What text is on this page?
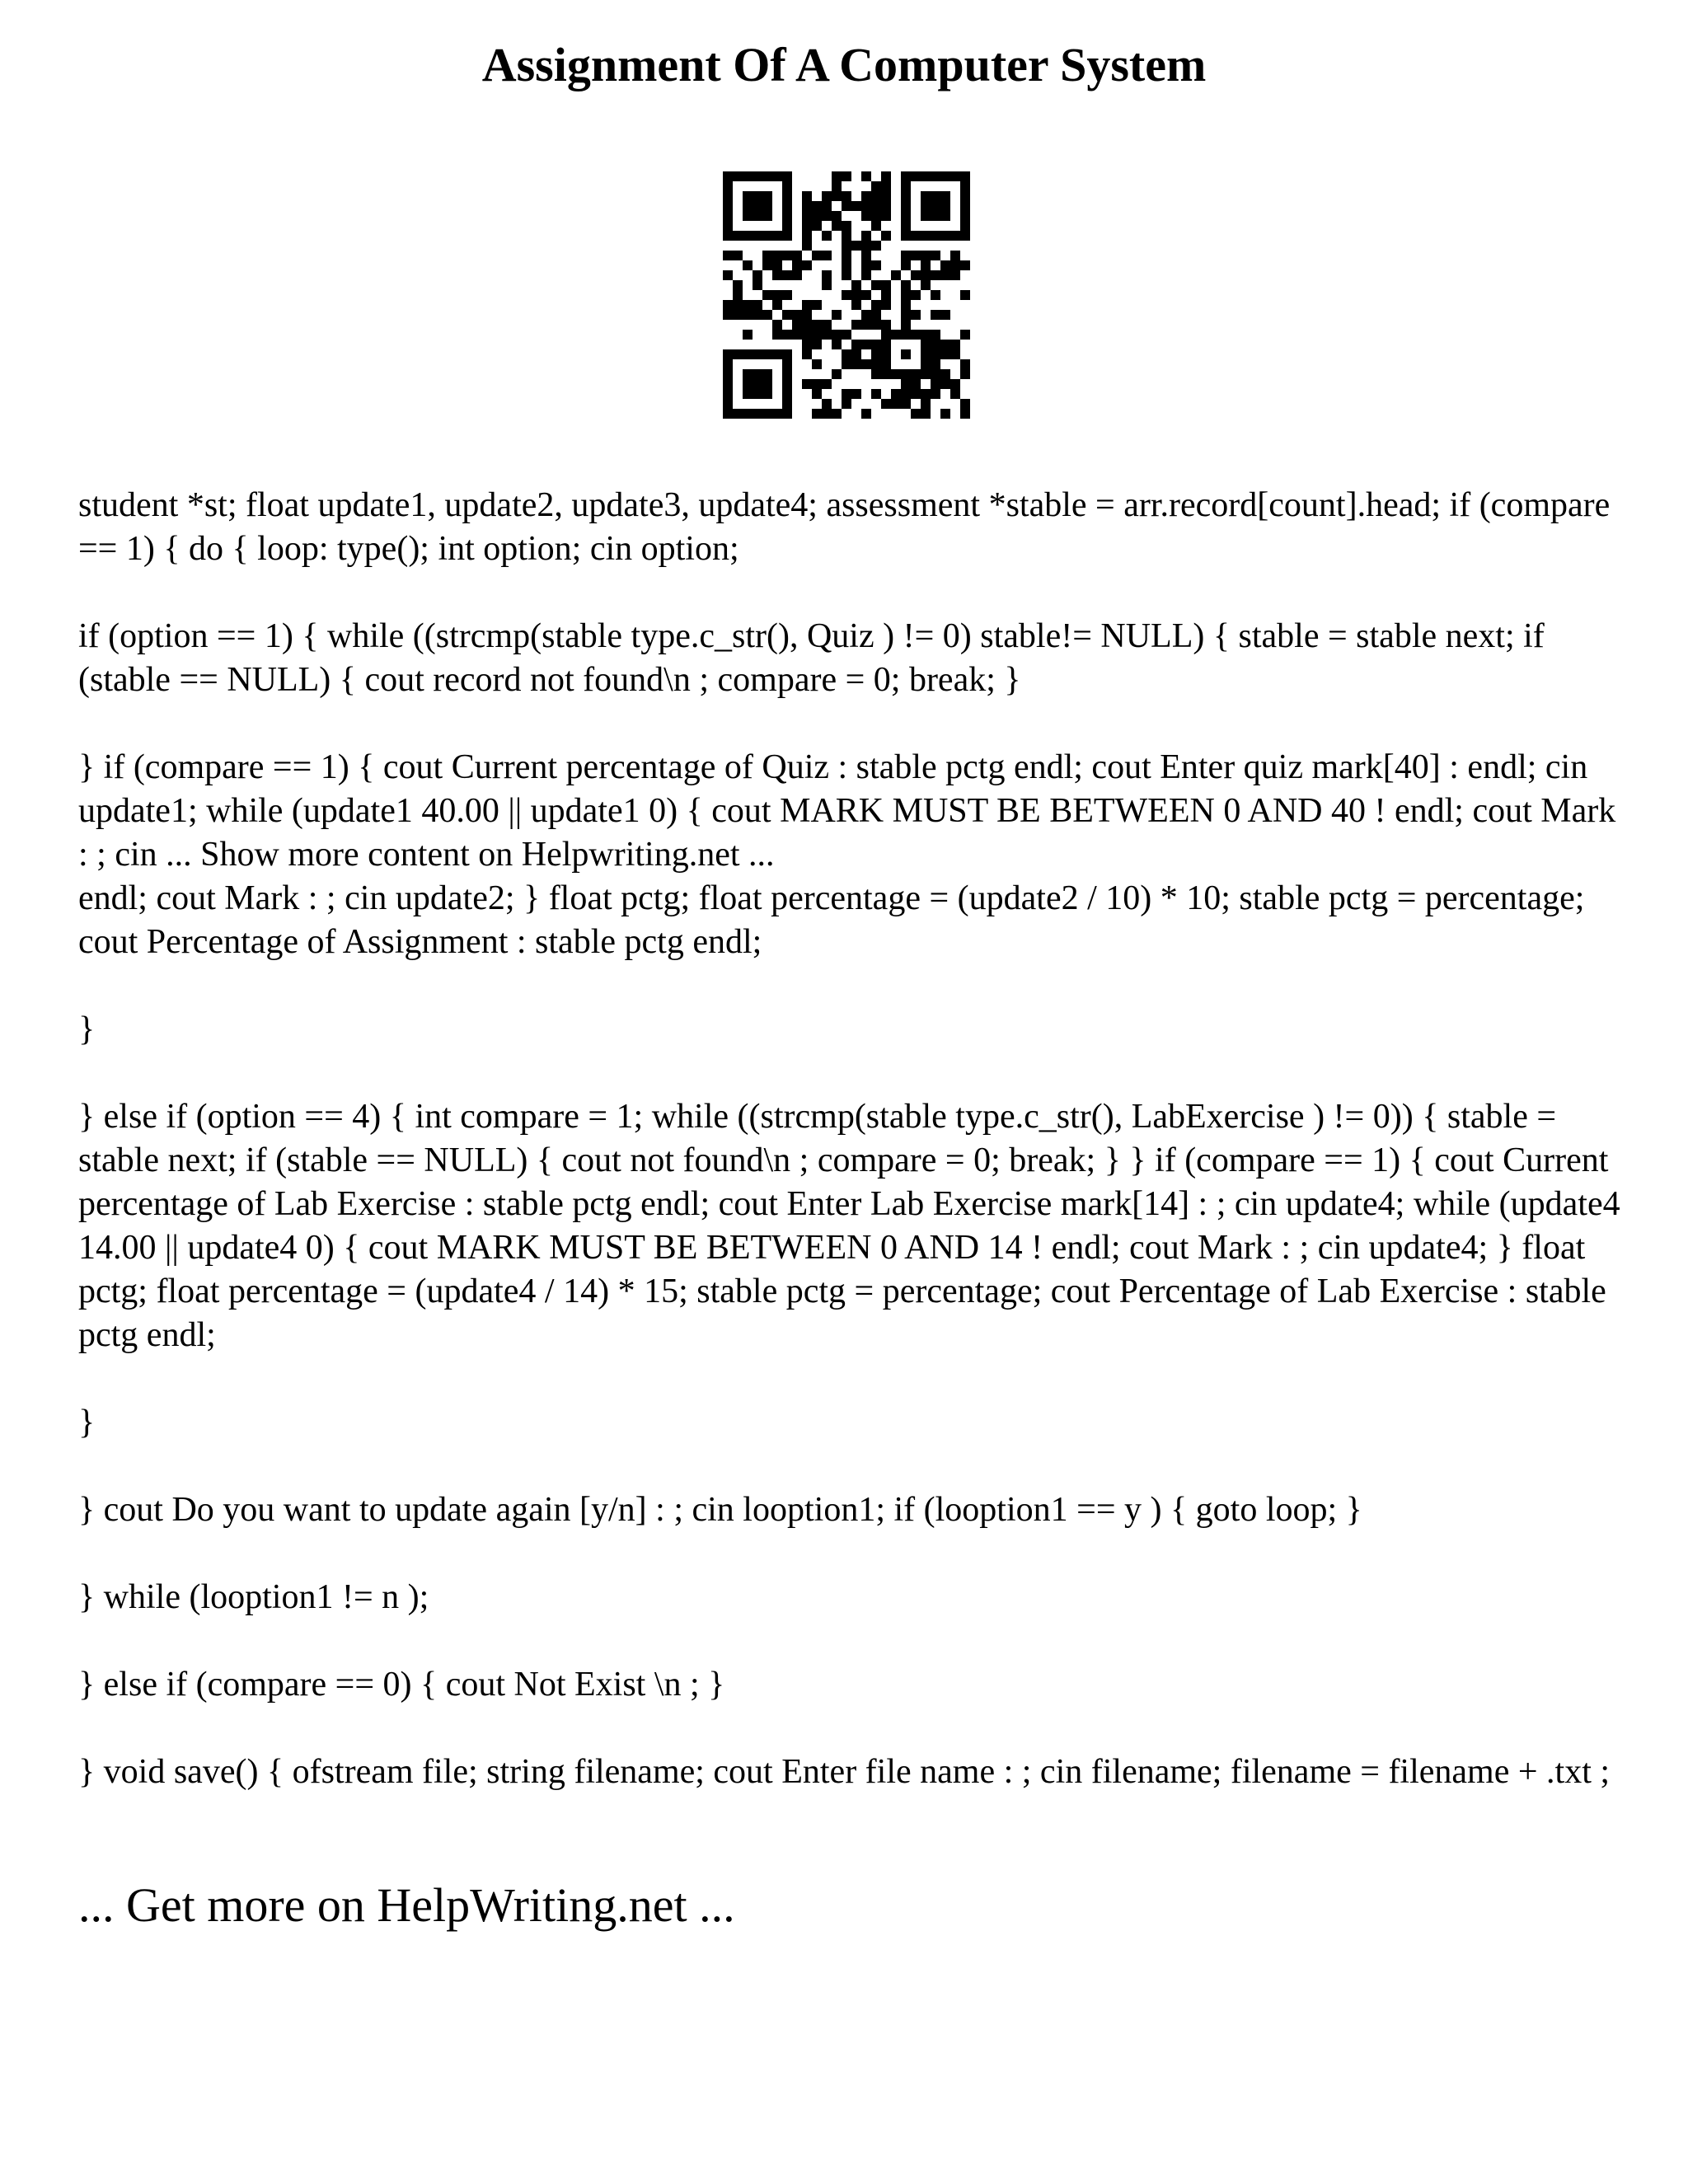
Assignment Of A Computer System

student *st; float update1, update2, update3, update4; assessment *stable = arr.record[count].head; if (compare == 1) { do { loop: type(); int option; cin option;

if (option == 1) { while ((strcmp(stable type.c_str(), Quiz ) != 0) stable!= NULL) { stable = stable next; if (stable == NULL) { cout record not found\n ; compare = 0; break; }

} if (compare == 1) { cout Current percentage of Quiz : stable pctg endl; cout Enter quiz mark[40] : endl; cin update1; while (update1 40.00 || update1 0) { cout MARK MUST BE BETWEEN 0 AND 40 ! endl; cout Mark : ; cin ... Show more content on Helpwriting.net ...

endl; cout Mark : ; cin update2; } float pctg; float percentage = (update2 / 10) * 10; stable pctg = percentage; cout Percentage of Assignment : stable pctg endl;

}

} else if (option == 4) { int compare = 1; while ((strcmp(stable type.c_str(), LabExercise ) != 0)) { stable = stable next; if (stable == NULL) { cout not found\n ; compare = 0; break; } } if (compare == 1) { cout Current percentage of Lab Exercise : stable pctg endl; cout Enter Lab Exercise mark[14] : ; cin update4; while (update4 14.00 || update4 0) { cout MARK MUST BE BETWEEN 0 AND 14 ! endl; cout Mark : ; cin update4; } float pctg; float percentage = (update4 / 14) * 15; stable pctg = percentage; cout Percentage of Lab Exercise : stable pctg endl;

}

} cout Do you want to update again [y/n] : ; cin looption1; if (looption1 == y ) { goto loop; }

} while (looption1 != n );

} else if (compare == 0) { cout Not Exist \n ; }

} void save() { ofstream file; string filename; cout Enter file name : ; cin filename; filename = filename + .txt ;

... Get more on HelpWriting.net ...
